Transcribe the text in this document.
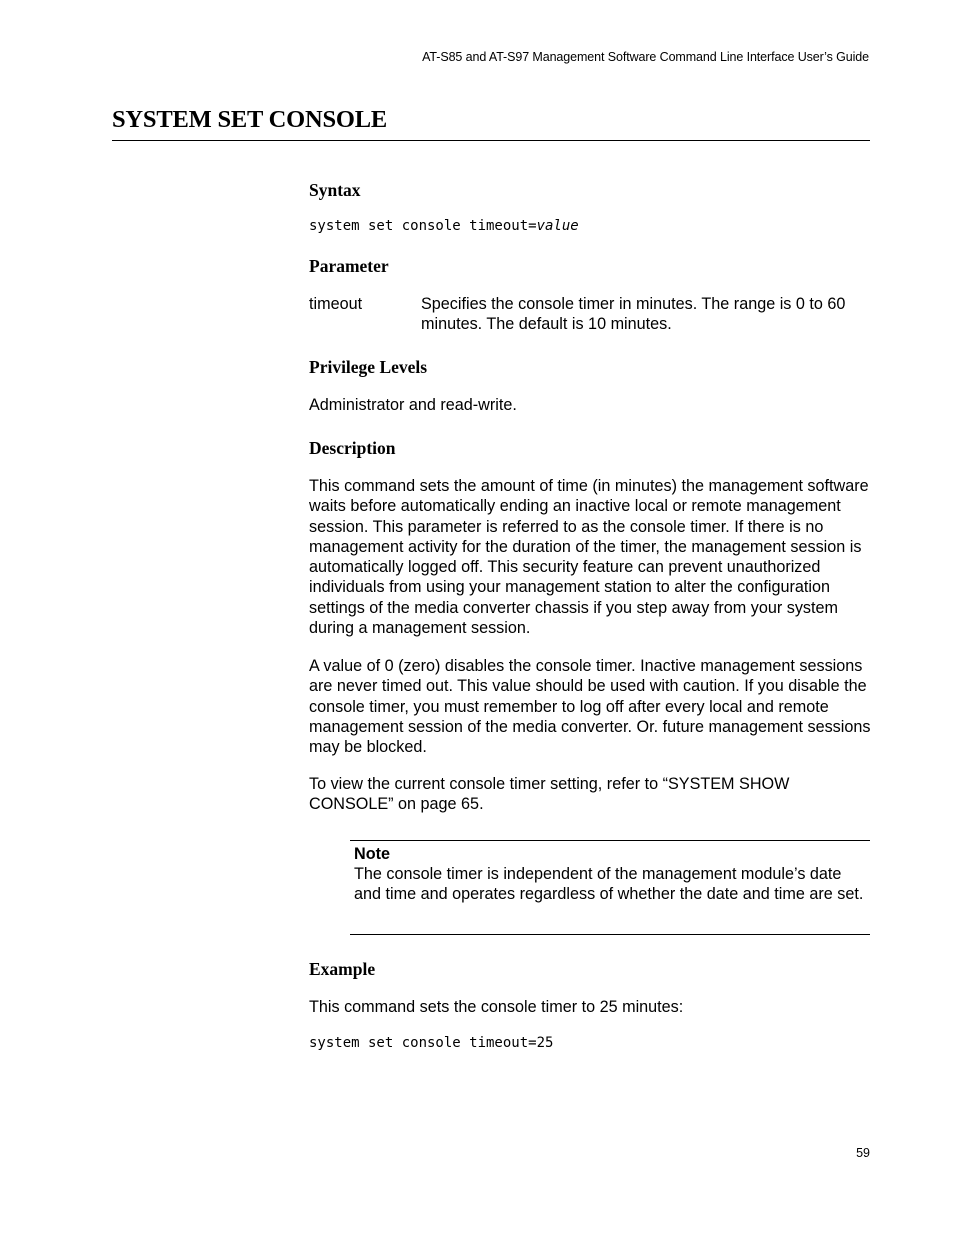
AT-S85 and AT-S97 Management Software Command Line Interface User’s Guide
SYSTEM SET CONSOLE
Syntax
system set console timeout=value
Parameter

timeout	Specifies the console timer in minutes. The range is 0 to 60 minutes. The default is 10 minutes.

Privilege Levels

Administrator and read-write.

Description

This command sets the amount of time (in minutes) the management software waits before automatically ending an inactive local or remote management session. This parameter is referred to as the console timer. If there is no management activity for the duration of the timer, the management session is automatically logged off. This security feature can prevent unauthorized individuals from using your management station to alter the configuration settings of the media converter chassis if you step away from your system during a management session.

A value of 0 (zero) disables the console timer. Inactive management sessions are never timed out. This value should be used with caution. If you disable the console timer, you must remember to log off after every local and remote management session of the media converter. Or. future management sessions may be blocked.

To view the current console timer setting, refer to “SYSTEM SHOW CONSOLE” on page 65.

Note
The console timer is independent of the management module’s date and time and operates regardless of whether the date and time are set.
Example

This command sets the console timer to 25 minutes:

system set console timeout=25
59
